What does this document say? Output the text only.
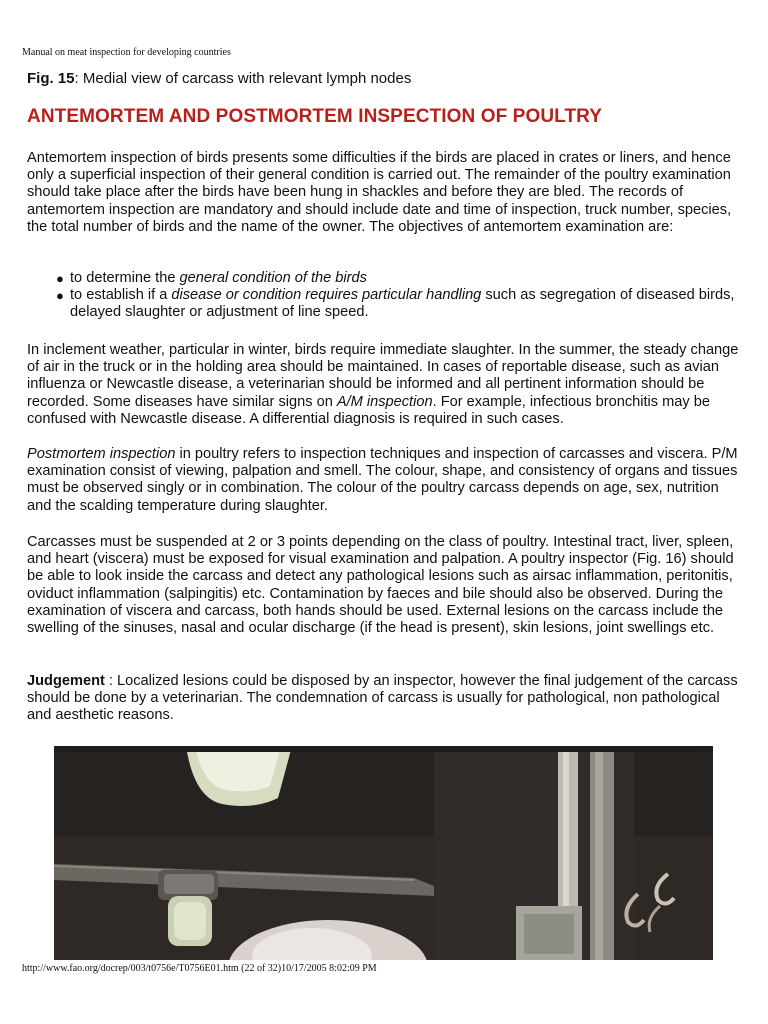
Manual on meat inspection for developing countries
Fig. 15: Medial view of carcass with relevant lymph nodes
ANTEMORTEM AND POSTMORTEM INSPECTION OF POULTRY

Antemortem inspection of birds presents some difficulties if the birds are placed in crates or liners, and hence only a superficial inspection of their general condition is carried out. The remainder of the poultry examination should take place after the birds have been hung in shackles and before they are bled. The records of antemortem inspection are mandatory and should include date and time of inspection, truck number, species, the total number of birds and the name of the owner. The objectives of antemortem examination are:

● to determine the general condition of the birds
● to establish if a disease or condition requires particular handling such as segregation of diseased birds, delayed slaughter or adjustment of line speed.

In inclement weather, particular in winter, birds require immediate slaughter. In the summer, the steady change of air in the truck or in the holding area should be maintained. In cases of reportable disease, such as avian influenza or Newcastle disease, a veterinarian should be informed and all pertinent information should be recorded. Some diseases have similar signs on A/M inspection. For example, infectious bronchitis may be confused with Newcastle disease. A differential diagnosis is required in such cases.

Postmortem inspection in poultry refers to inspection techniques and inspection of carcasses and viscera. P/M examination consist of viewing, palpation and smell. The colour, shape, and consistency of organs and tissues must be observed singly or in combination. The colour of the poultry carcass depends on age, sex, nutrition and the scalding temperature during slaughter.

Carcasses must be suspended at 2 or 3 points depending on the class of poultry. Intestinal tract, liver, spleen, and heart (viscera) must be exposed for visual examination and palpation. A poultry inspector (Fig. 16) should be able to look inside the carcass and detect any pathological lesions such as airsac inflammation, peritonitis, oviduct inflammation (salpingitis) etc. Contamination by faeces and bile should also be observed. During the examination of viscera and carcass, both hands should be used. External lesions on the carcass include the swelling of the sinuses, nasal and ocular discharge (if the head is present), skin lesions, joint swellings etc.

Judgement : Localized lesions could be disposed by an inspector, however the final judgement of the carcass should be done by a veterinarian. The condemnation of carcass is usually for pathological, non pathological and aesthetic reasons.

http://www.fao.org/docrep/003/t0756e/T0756E01.htm (22 of 32)10/17/2005 8:02:09 PM
